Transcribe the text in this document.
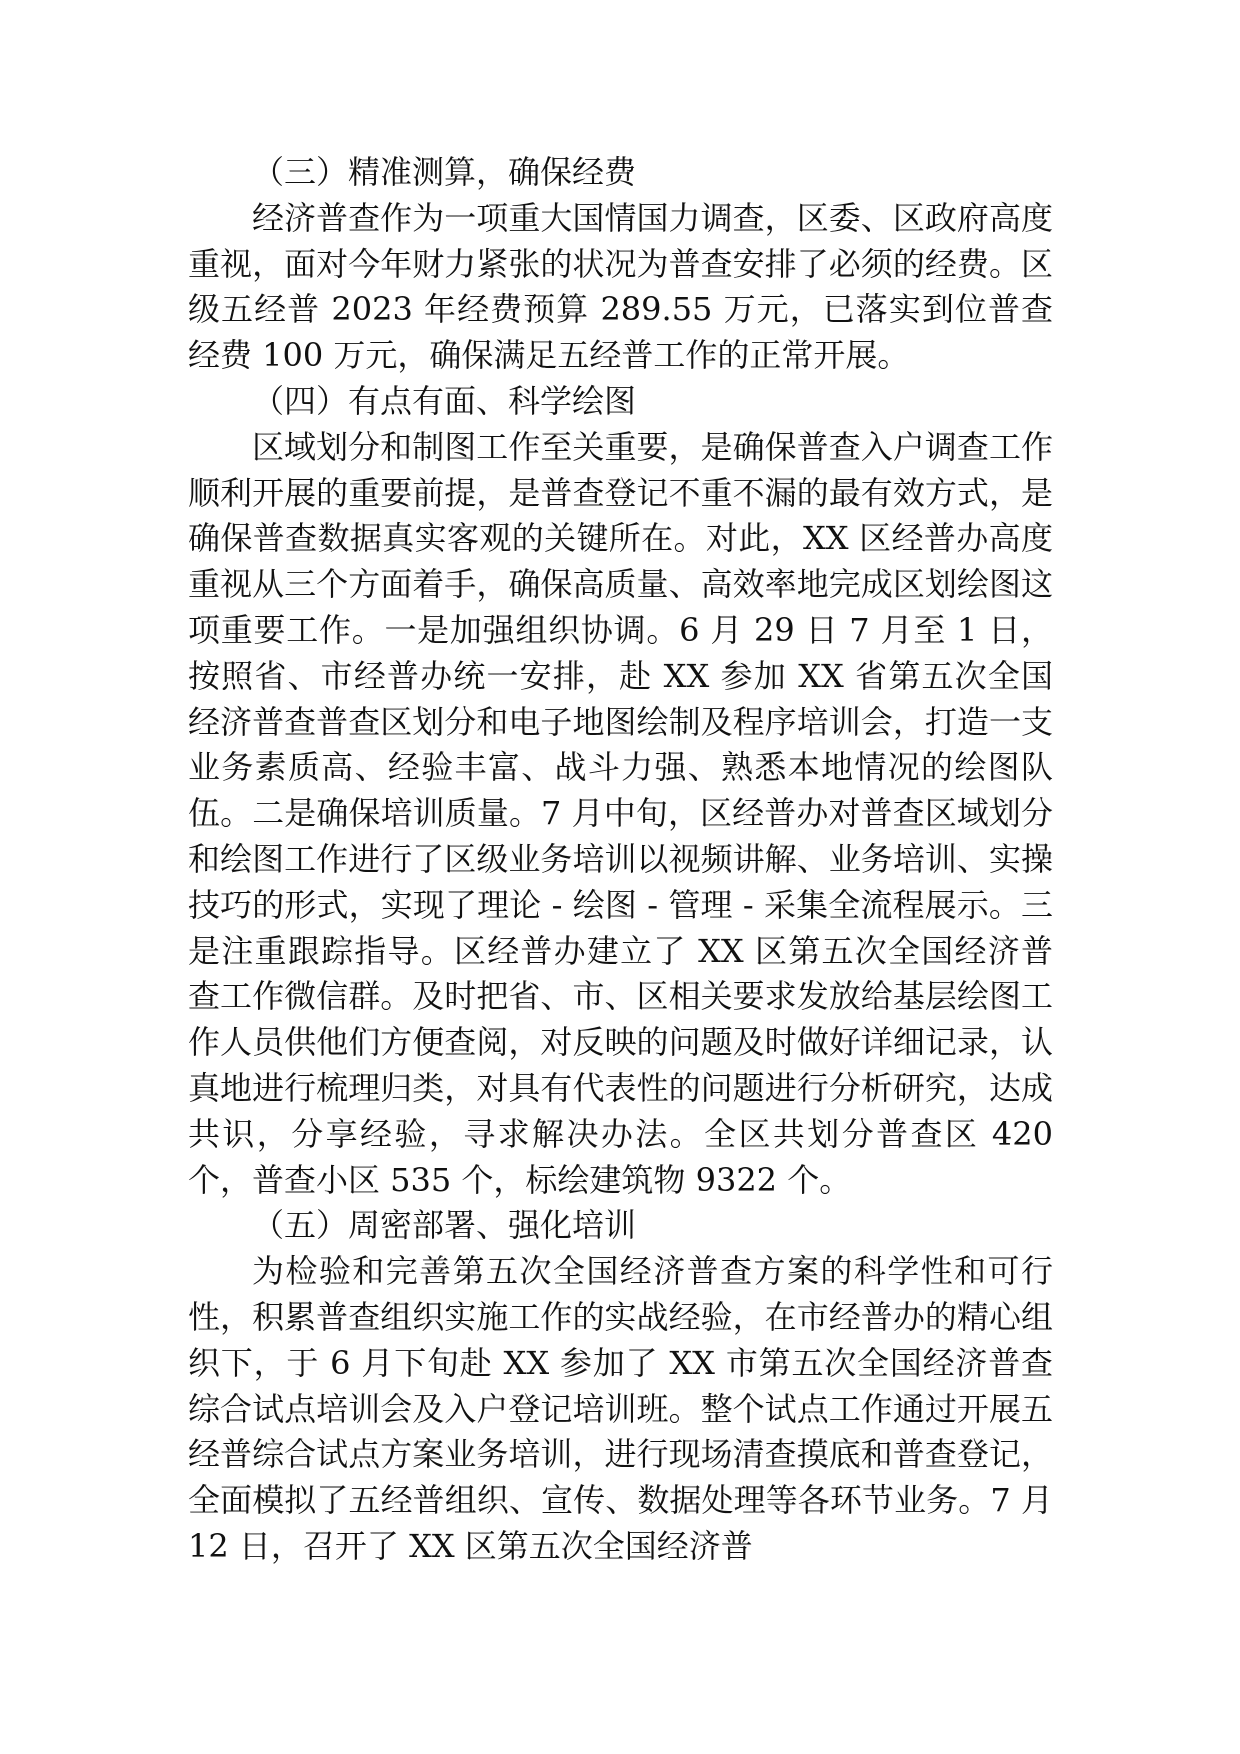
（三）精准测算，确保经费

经济普查作为一项重大国情国力调查，区委、区政府高度重视，面对今年财力紧张的状况为普查安排了必须的经费。区级五经普 2023 年经费预算 289.55 万元，已落实到位普查经费 100 万元，确保满足五经普工作的正常开展。

（四）有点有面、科学绘图

区域划分和制图工作至关重要，是确保普查入户调查工作顺利开展的重要前提，是普查登记不重不漏的最有效方式，是确保普查数据真实客观的关键所在。对此，XX 区经普办高度重视从三个方面着手，确保高质量、高效率地完成区划绘图这项重要工作。一是加强组织协调。6 月 29 日 7 月至 1 日，按照省、市经普办统一安排，赴 XX 参加 XX 省第五次全国经济普查普查区划分和电子地图绘制及程序培训会，打造一支业务素质高、经验丰富、战斗力强、熟悉本地情况的绘图队伍。二是确保培训质量。7 月中旬，区经普办对普查区域划分和绘图工作进行了区级业务培训以视频讲解、业务培训、实操技巧的形式，实现了理论 - 绘图 - 管理 - 采集全流程展示。三是注重跟踪指导。区经普办建立了 XX 区第五次全国经济普查工作微信群。及时把省、市、区相关要求发放给基层绘图工作人员供他们方便查阅，对反映的问题及时做好详细记录，认真地进行梳理归类，对具有代表性的问题进行分析研究，达成共识，分享经验，寻求解决办法。全区共划分普查区 420 个，普查小区 535 个，标绘建筑物 9322 个。

（五）周密部署、强化培训

为检验和完善第五次全国经济普查方案的科学性和可行性，积累普查组织实施工作的实战经验，在市经普办的精心组织下，于 6 月下旬赴 XX 参加了 XX 市第五次全国经济普查综合试点培训会及入户登记培训班。整个试点工作通过开展五经普综合试点方案业务培训，进行现场清查摸底和普查登记，全面模拟了五经普组织、宣传、数据处理等各环节业务。7 月 12 日，召开了 XX 区第五次全国经济普
